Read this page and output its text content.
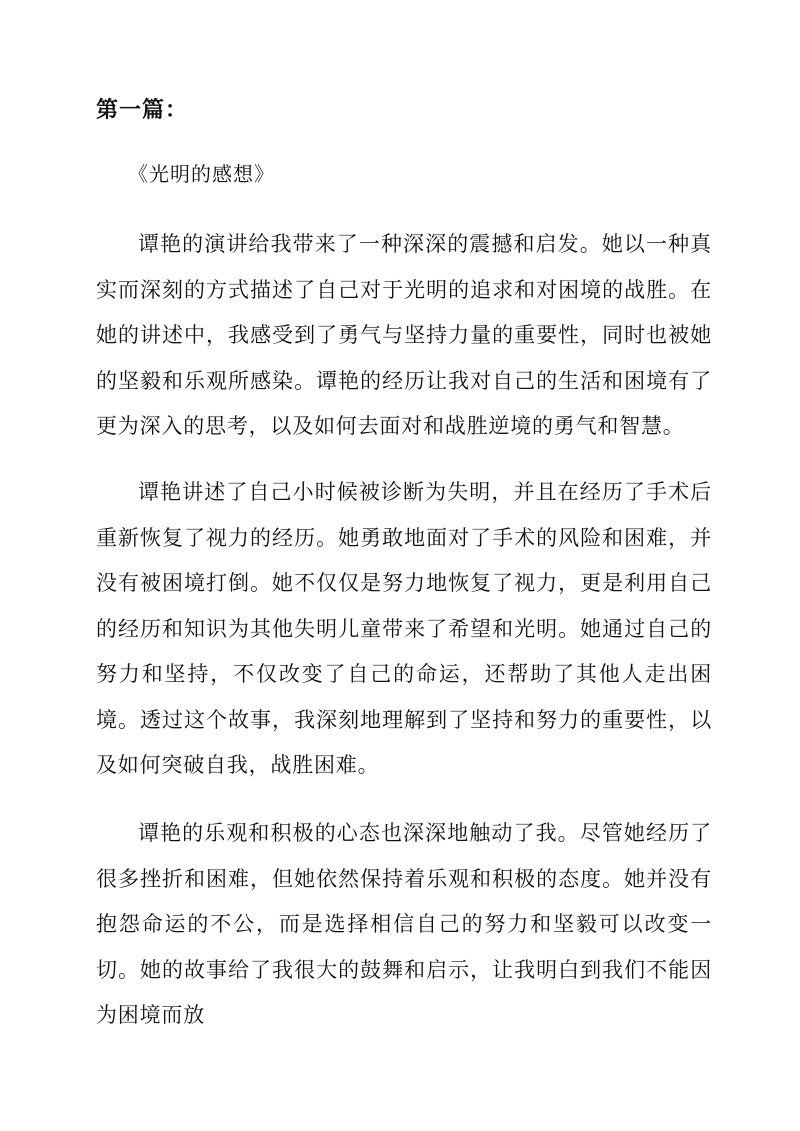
第一篇：
《光明的感想》

谭艳的演讲给我带来了一种深深的震撼和启发。她以一种真实而深刻的方式描述了自己对于光明的追求和对困境的战胜。在她的讲述中，我感受到了勇气与坚持力量的重要性，同时也被她的坚毅和乐观所感染。谭艳的经历让我对自己的生活和困境有了更为深入的思考，以及如何去面对和战胜逆境的勇气和智慧。

谭艳讲述了自己小时候被诊断为失明，并且在经历了手术后重新恢复了视力的经历。她勇敢地面对了手术的风险和困难，并没有被困境打倒。她不仅仅是努力地恢复了视力，更是利用自己的经历和知识为其他失明儿童带来了希望和光明。她通过自己的努力和坚持，不仅改变了自己的命运，还帮助了其他人走出困境。透过这个故事，我深刻地理解到了坚持和努力的重要性，以及如何突破自我，战胜困难。

谭艳的乐观和积极的心态也深深地触动了我。尽管她经历了很多挫折和困难，但她依然保持着乐观和积极的态度。她并没有抱怨命运的不公，而是选择相信自己的努力和坚毅可以改变一切。她的故事给了我很大的鼓舞和启示，让我明白到我们不能因为困境而放
